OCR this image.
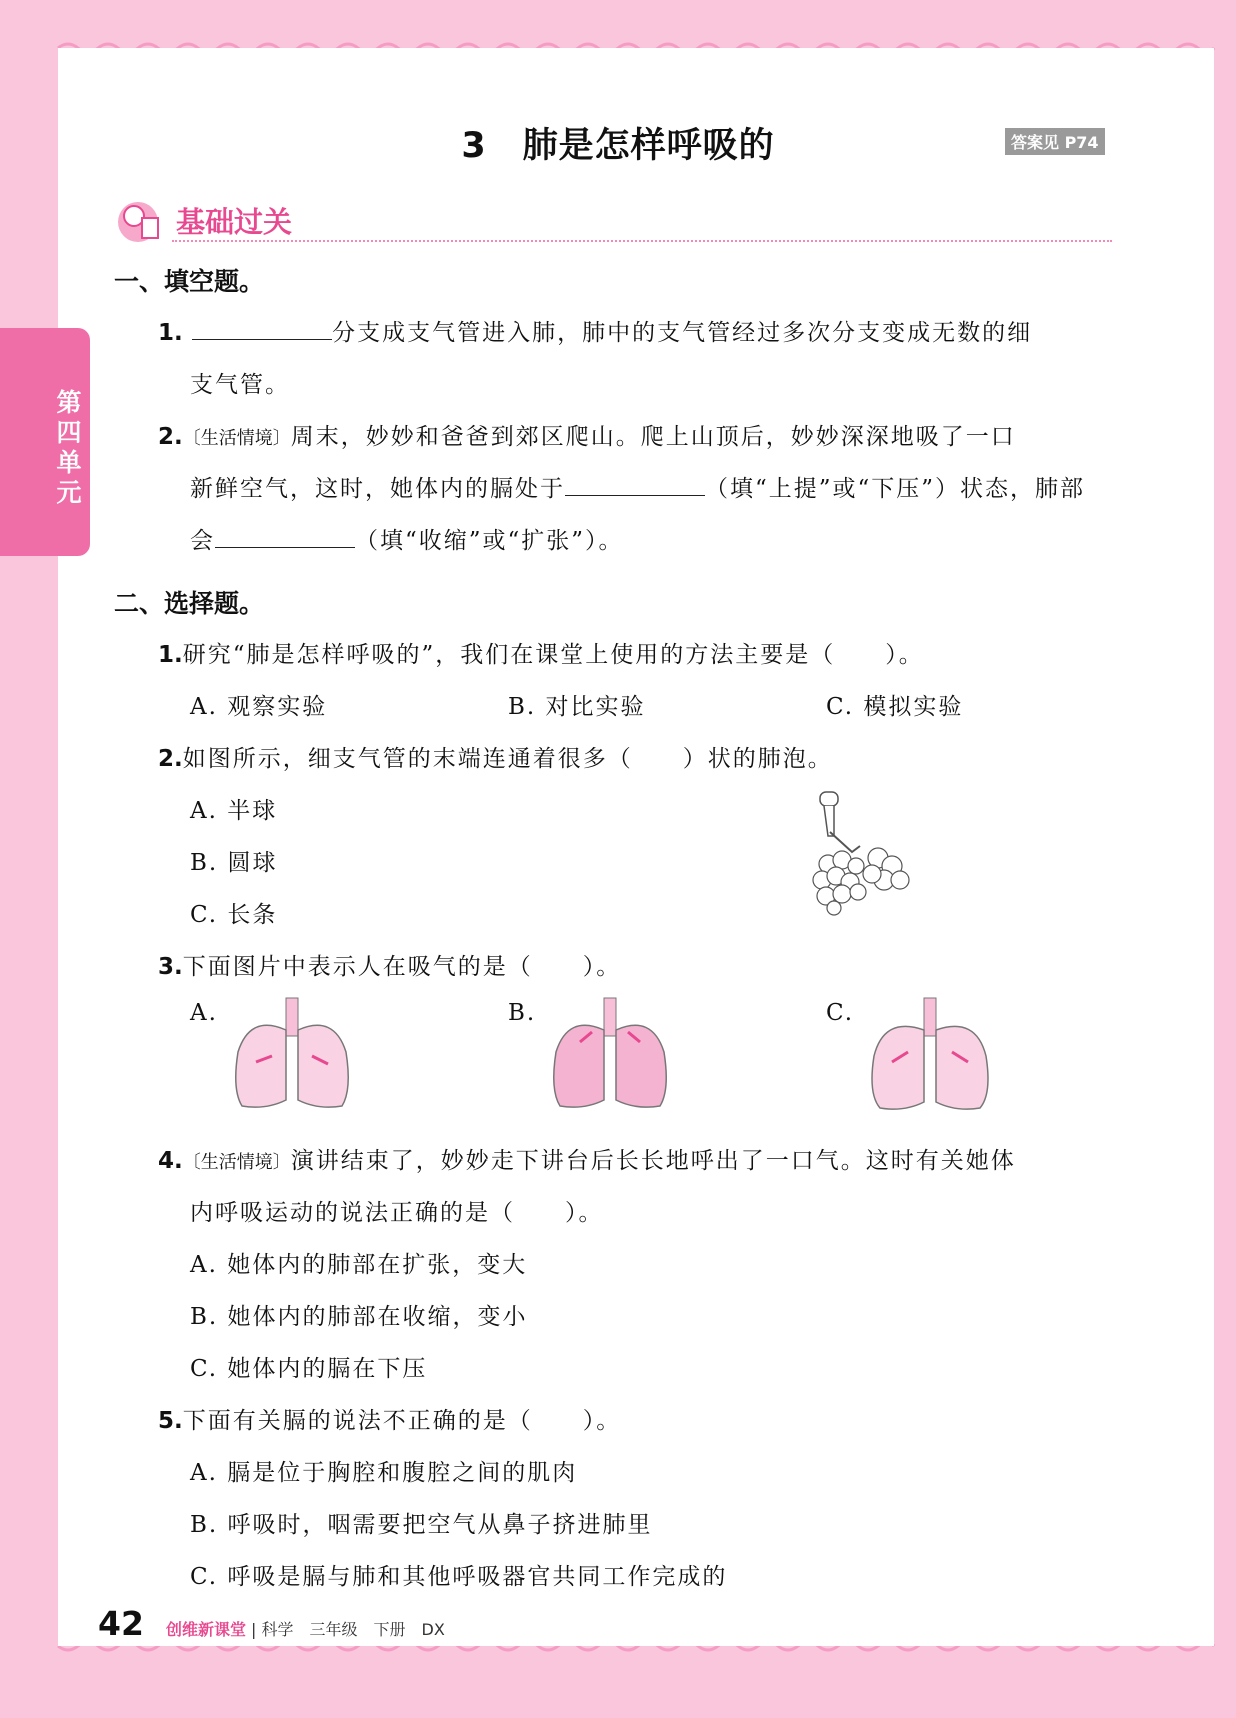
第四单元
3　肺是怎样呼吸的	答案见 P74
基础过关
一、填空题。
1.	分支成支气管进入肺，肺中的支气管经过多次分支变成无数的细
支气管。
2.〔生活情境〕周末，妙妙和爸爸到郊区爬山。爬上山顶后，妙妙深深地吸了一口
新鲜空气，这时，她体内的膈处于	（填“上提”或“下压”）状态，肺部
会	（填“收缩”或“扩张”）。
二、选择题。
1.研究“肺是怎样呼吸的”，我们在课堂上使用的方法主要是（　　）。
A. 观察实验	B. 对比实验	C. 模拟实验
2.如图所示，细支气管的末端连通着很多（　　）状的肺泡。
A. 半球
B. 圆球
C. 长条
3.下面图片中表示人在吸气的是（　　）。
A.	B.	C.
4.〔生活情境〕演讲结束了，妙妙走下讲台后长长地呼出了一口气。这时有关她体
内呼吸运动的说法正确的是（　　）。
A. 她体内的肺部在扩张，变大
B. 她体内的肺部在收缩，变小
C. 她体内的膈在下压
5.下面有关膈的说法不正确的是（　　）。
A. 膈是位于胸腔和腹腔之间的肌肉
B. 呼吸时，咽需要把空气从鼻子挤进肺里
C. 呼吸是膈与肺和其他呼吸器官共同工作完成的
42 创维新课堂 | 科学　三年级　下册　DX
